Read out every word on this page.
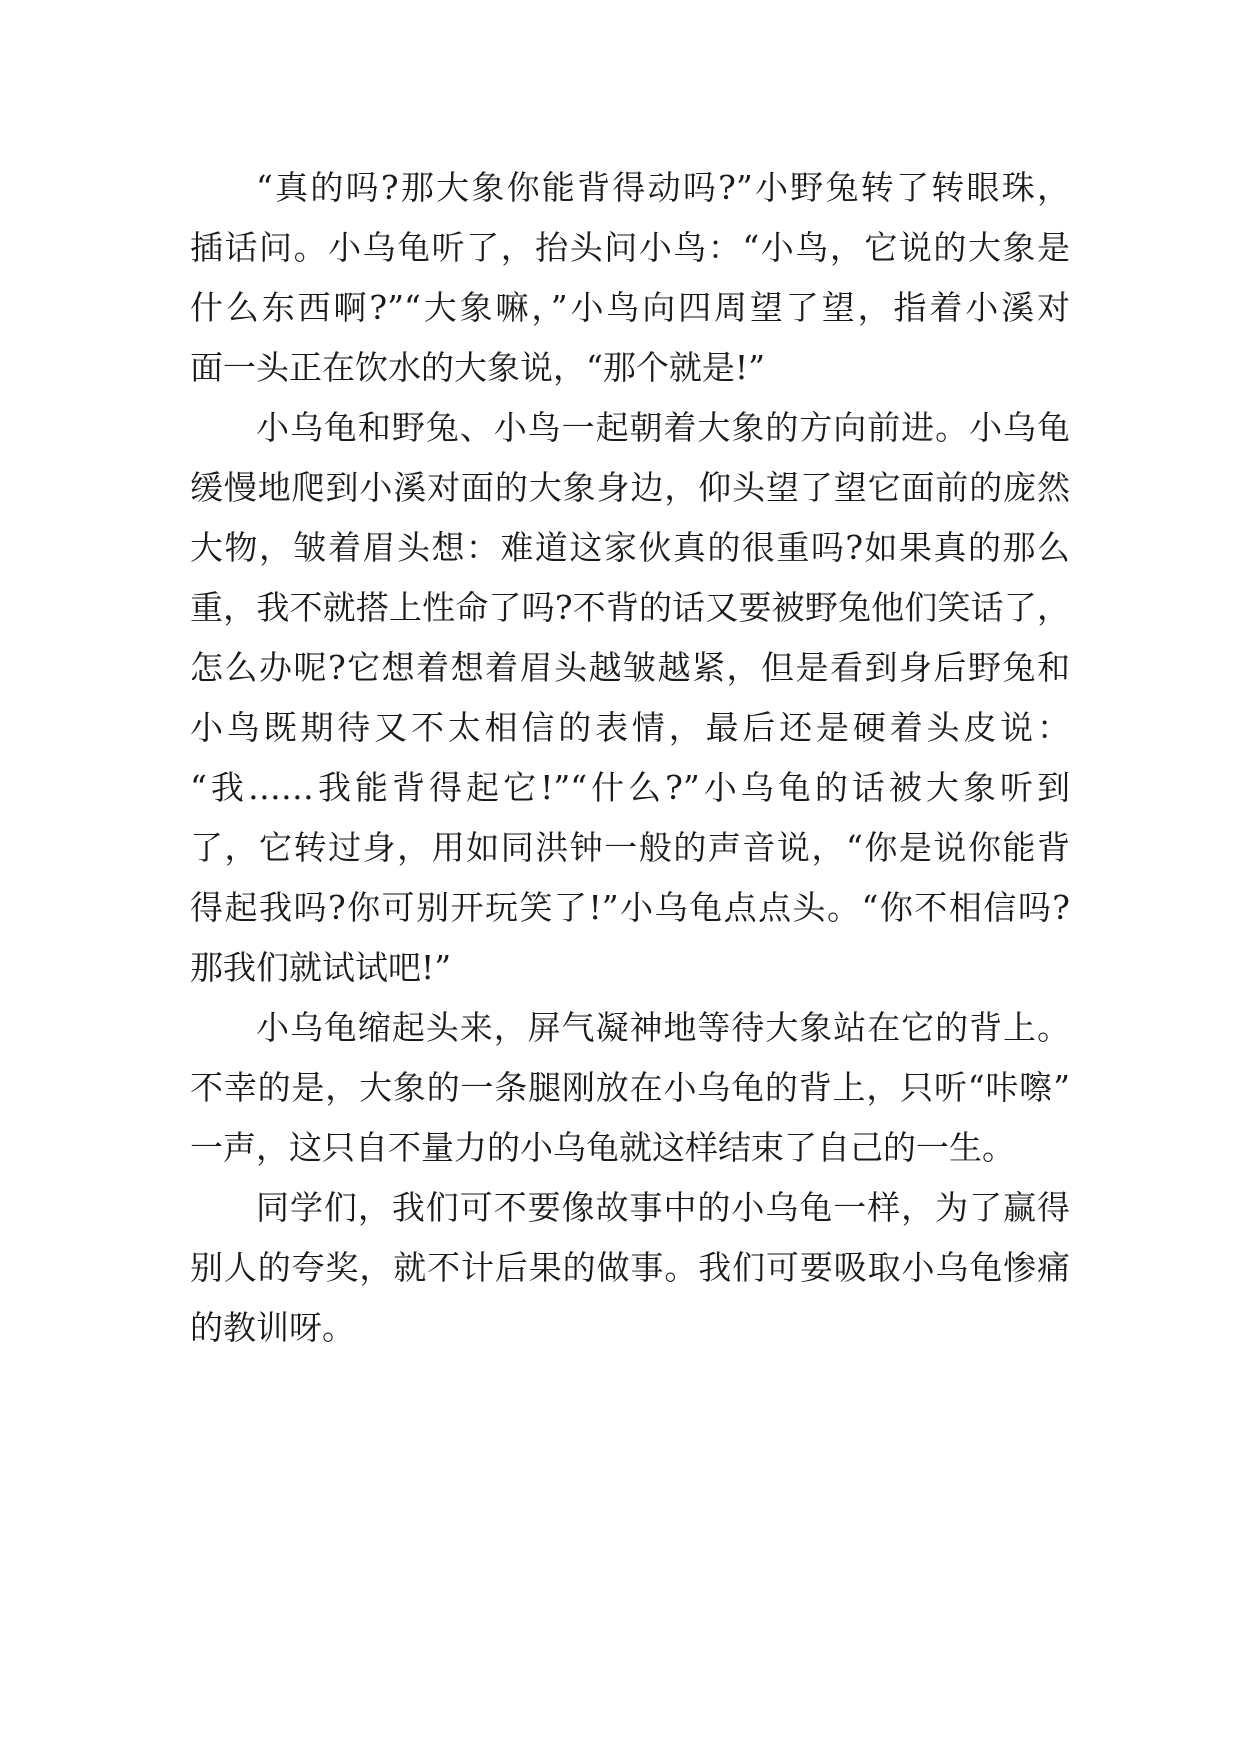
“真的吗?那大象你能背得动吗?”小野兔转了转眼珠，
插话问。小乌龟听了，抬头问小鸟：“小鸟，它说的大象是
什么东西啊?”“大象嘛，”小鸟向四周望了望，指着小溪对
面一头正在饮水的大象说，“那个就是!”
小乌龟和野兔、小鸟一起朝着大象的方向前进。小乌龟
缓慢地爬到小溪对面的大象身边，仰头望了望它面前的庞然
大物，皱着眉头想：难道这家伙真的很重吗?如果真的那么
重，我不就搭上性命了吗?不背的话又要被野兔他们笑话了，
怎么办呢?它想着想着眉头越皱越紧，但是看到身后野兔和
小鸟既期待又不太相信的表情，最后还是硬着头皮说：
“我……我能背得起它!”“什么?”小乌龟的话被大象听到
了，它转过身，用如同洪钟一般的声音说，“你是说你能背
得起我吗?你可别开玩笑了!”小乌龟点点头。“你不相信吗?
那我们就试试吧!”
小乌龟缩起头来，屏气凝神地等待大象站在它的背上。
不幸的是，大象的一条腿刚放在小乌龟的背上，只听“咔嚓”
一声，这只自不量力的小乌龟就这样结束了自己的一生。
同学们，我们可不要像故事中的小乌龟一样，为了赢得
别人的夸奖，就不计后果的做事。我们可要吸取小乌龟惨痛
的教训呀。
